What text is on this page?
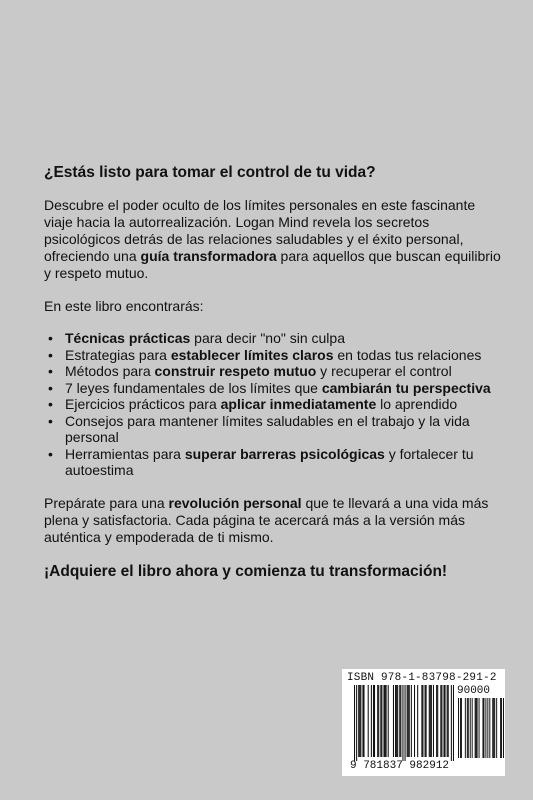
¿Estás listo para tomar el control de tu vida?

Descubre el poder oculto de los límites personales en este fascinante viaje hacia la autorrealización. Logan Mind revela los secretos psicológicos detrás de las relaciones saludables y el éxito personal, ofreciendo una guía transformadora para aquellos que buscan equilibrio y respeto mutuo.

En este libro encontrarás:

• Técnicas prácticas para decir "no" sin culpa
• Estrategias para establecer límites claros en todas tus relaciones
• Métodos para construir respeto mutuo y recuperar el control
• 7 leyes fundamentales de los límites que cambiarán tu perspectiva
• Ejercicios prácticos para aplicar inmediatamente lo aprendido
• Consejos para mantener límites saludables en el trabajo y la vida personal
• Herramientas para superar barreras psicológicas y fortalecer tu autoestima

Prepárate para una revolución personal que te llevará a una vida más plena y satisfactoria. Cada página te acercará más a la versión más auténtica y empoderada de ti mismo.

¡Adquiere el libro ahora y comienza tu transformación!

ISBN 978-1-83798-291-2
90000
9 781837 982912
